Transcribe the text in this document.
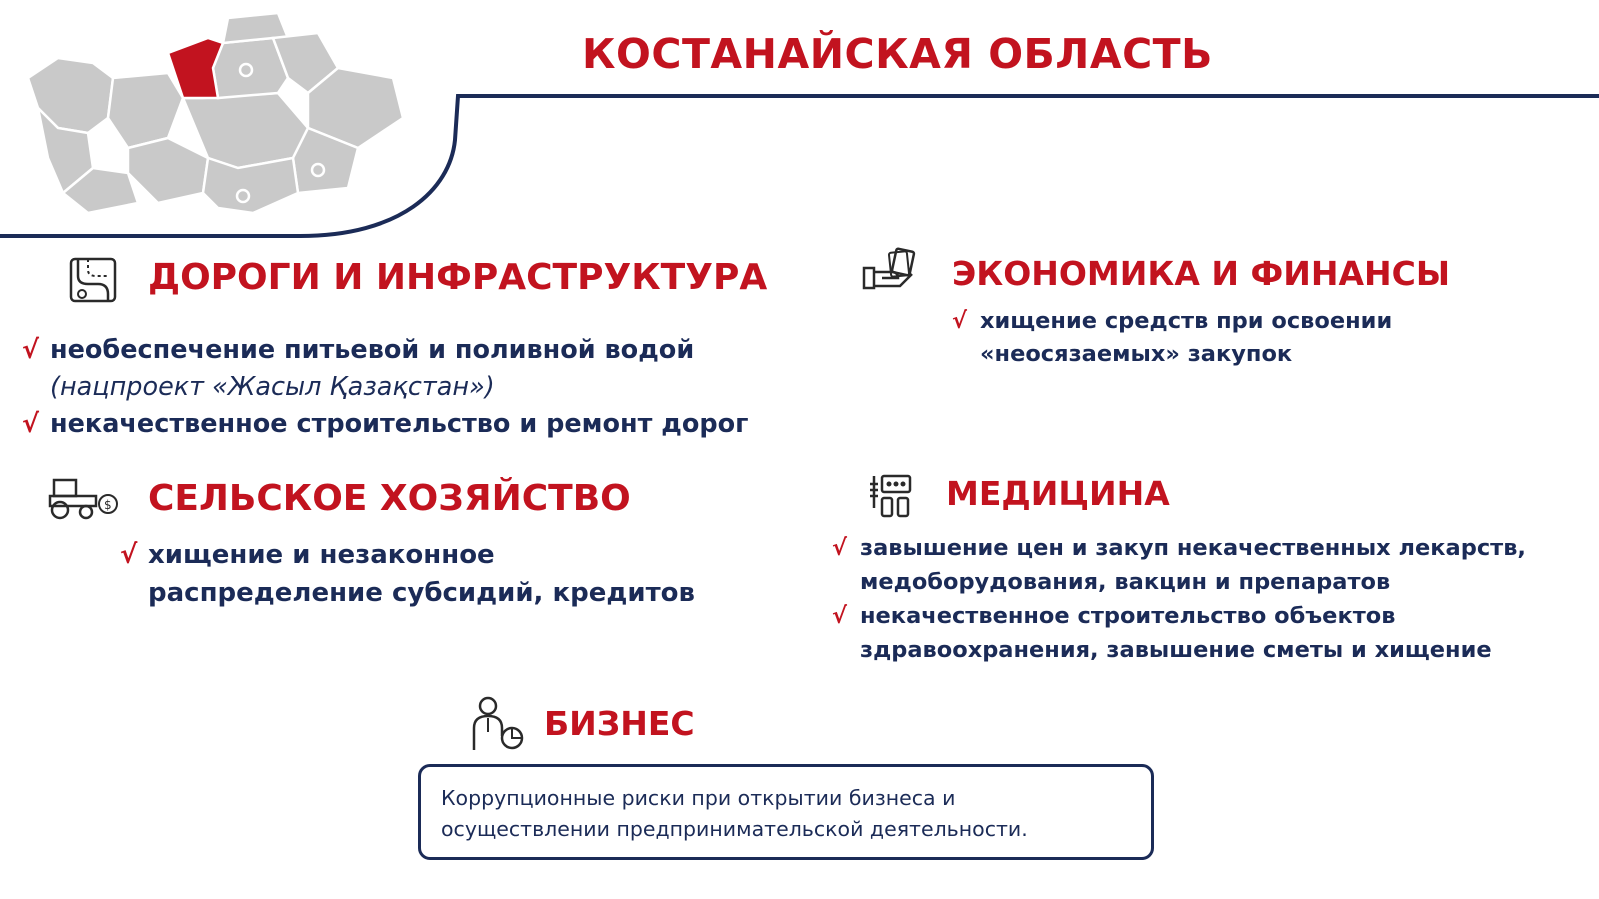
КОСТАНАЙСКАЯ ОБЛАСТЬ
ДОРОГИ И ИНФРАСТРУКТУРА
√ необеспечение питьевой и поливной водой
(нацпроект «Жасыл Қазақстан»)
√ некачественное строительство и ремонт дорог
ЭКОНОМИКА И ФИНАНСЫ
√ хищение средств при освоении
«неосязаемых» закупок
$ СЕЛЬСКОЕ ХОЗЯЙСТВО
√ хищение и незаконное
распределение субсидий, кредитов
МЕДИЦИНА
√ завышение цен и закуп некачественных лекарств,
медоборудования, вакцин и препаратов
√ некачественное строительство объектов
здравоохранения, завышение сметы и хищение
БИЗНЕС
Коррупционные риски при открытии бизнеса и
осуществлении предпринимательской деятельности.
